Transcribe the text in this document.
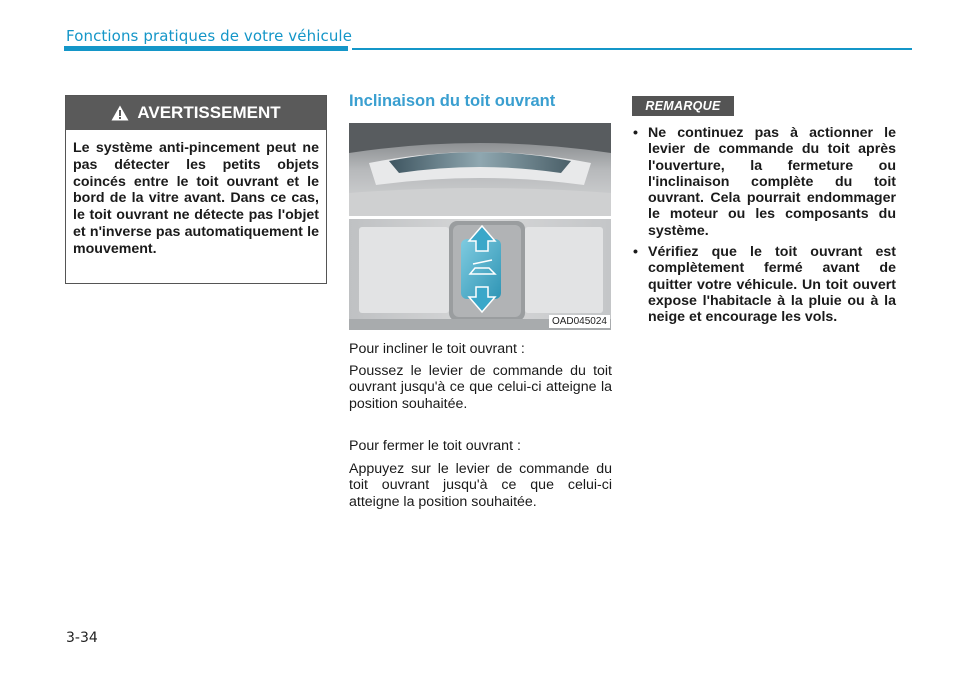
Fonctions pratiques de votre véhicule
AVERTISSEMENT
Le système anti-pincement peut ne pas détecter les petits objets coincés entre le toit ouvrant et le bord de la vitre avant. Dans ce cas, le toit ouvrant ne détecte pas l'objet et n'inverse pas automatiquement le mouvement.
Inclinaison du toit ouvrant
OAD045024
Pour incliner le toit ouvrant :
Poussez le levier de commande du toit ouvrant jusqu'à ce que celui-ci atteigne la position souhaitée.
Pour fermer le toit ouvrant :
Appuyez sur le levier de commande du toit ouvrant jusqu'à ce que celui-ci atteigne la position souhaitée.
REMARQUE
• Ne continuez pas à actionner le levier de commande du toit après l'ouverture, la fermeture ou l'inclinaison complète du toit ouvrant. Cela pourrait endommager le moteur ou les composants du système.
• Vérifiez que le toit ouvrant est complètement fermé avant de quitter votre véhicule. Un toit ouvert expose l'habitacle à la pluie ou à la neige et encourage les vols.
3-34
